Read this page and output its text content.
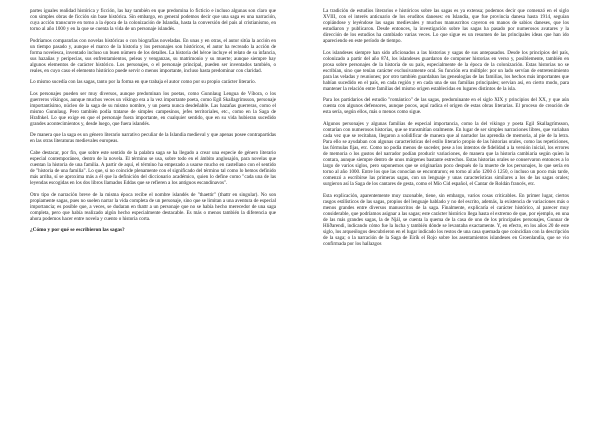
partes iguales realidad histórica y ficción, las hay también en que predomina lo ficticio e incluso algunas son claro que con simples obras de ficción sin base histórica. Sin embargo, en general podemos decir que una saga es una narración, cuya acción transcurre en torno a la época de la colonización de Islandia, hasta la conversión del país al cristianismo, en torno al año 1000 y en la que se cuenta la vida de un personaje islandés.

Podríamos compararlas con novelas históricas o con biografías noveladas. En unas y en otras, el autor sitúa la acción en un tiempo pasado y, aunque el marco de la historia y los personajes son históricos, el autor ha recreado la acción de forma novelesca, inventado incluso un buen número de los detalles. La historia del héroe incluye el relato de su infancia, sus hazañas y peripecias, sus enfrentamientos, peleas y venganzas, su matrimonio y su muerte; aunque siempre hay algunos elementos de carácter histórico. Los personajes, o el personaje principal, pueden ser inventados también, o reales, en cuyo caso el elemento histórico puede servir o menos importante, incluso hasta predominar con claridad.

Lo mismo sucedía con las sagas, tanto por la forma en que trabaja el autor como por su propio carácter literario.

Los personajes pueden ser muy diversos, aunque predominan los poetas, como Gunnlaug Lengua de Víbora, o los guerreros vikingos, aunque muchos veces un vikingo era a la vez importante poeta, como Egil Skallagrímsson, personaje importantísimo, núcleo de la saga de su mismo nombre, y un poeta nunca desdeñable. Las hazañas guerreras, como el mismo Gunnlaug. Pero también podía tratarse de simples campesinos, jefes territoriales, etc., como en la Saga de Hrafnkel. Lo que exige en que el personaje fuera importante, en cualquier sentido, que en su vida hubieran sucedido grandes acontecimientos y, desde luego, que fuera islandés.

De manera que la saga es un género literario narrativo peculiar de la Islandia medieval y que apenas posee contrapartidas en las otras literaturas medievales europeas.

Cabe destacar, por fin, que sobre este sentido de la palabra saga se ha llegado a crear una especie de género literario especial contemporáneo, dentro de la novela. El término se usa, sobre todo en el ámbito anglosajón, para novelas que cuentan la historia de una familia. A partir de aquí, el término ha empezado a usarse mucho en castellano con el sentido de "historia de una familia". Lo que, si no coincide plenamente con el significado del término tal como lo hemos definido más arriba, sí se aproxima más a él que la definición del diccionario académico, quien lo define como "cada una de las leyendas escogidas en los dos libros llamados Eddas que se refieren a los antiguos escandinavos".

Otro tipo de narración breve de la misma época recibe el nombre islandés de "thaettir" (thattr en singular). No son propiamente sagas, pues no suelen narrar la vida completa de un personaje, sino que se limitan a una aventura de especial importancia; es posible que, a veces, se dudaran en thattr a un personaje que no se había hecho merecedor de una saga completa, pero que había realizado algún hecho especialmente destacable. Es más o menos también la diferencia que ahora podemos hacer entre novela y cuento o historia corta.

¿Cómo y por qué se escribieron las sagas?

La tradición de estudios literarios e históricos sobre las sagas es ya extensa; podemos decir que comenzó en el siglo XVIII, con el interés anticuario de los eruditos daneses: en Islandia, que fue provincia danesa hasta 1914, seguían copiándose y leyéndose las sagas medievales y muchos manuscritos cayeron en manos de sabios daneses, que los estudiaron y publicaron. Desde entonces, la investigación sobre las sagas ha pasado por numerosos avatares y la dirección de los estudios ha cambiado varias veces. Lo que sigue es un resumen de las principales ideas que han ido apareciendo en este período de tiempo.

Los islandeses siempre han sido aficionados a las historias y sagas de sus antepasados. Desde los principios del país, colonizado a partir del año 874, los islandeses guardaron de componer historias en verso y, posiblemente, también en prosa sobre personajes de la historia de su país, especialmente de la época de la colonización. Estas historias no se escribían, sino que tenían carácter exclusivamente oral. Su función era múltiple: por un lado servían de entretenimiento para las veladas y reuniones; por otro también guardaban las genealogías de las familias, los hechos más importantes que habían sucedido en el país, en cada región y en cada una de sus familias principales; servían así, en cierto modo, para mantener la relación entre familias del mismo origen establecidas en lugares distintos de la isla.

Para los partidarios del estudio "romántico" de las sagas, predominante en el siglo XIX y principios del XX, y que aún cuenta con algunos defensores, aunque pocos, aquí radica el origen de estas obras literarias. El proceso de creación de esta sería, según ellos, más o menos como sigue.

Algunos personajes y algunas familias de especial importancia, como la del vikingo y poeta Egil Skallagrímsson, contarían con numerosos historias, que se transmitían oralmente. En lugar de ser simples narraciones libres, que variaban cada vez que se recitaban, llegaron a solidificar de manera que al narrador las aprendía de memoria, al pie de la letra. Para ello se ayudaban con algunas características del estilo literario propio de las historias orales, como las repeticiones, las fórmulas fijas, etc. Como no podía menos de suceder, pese a los intentos de fidelidad a la versión inicial, los errores de memoria o los gustos del narrador podían producir variaciones, de manera que la historia cambiaría según quien la contara, aunque siempre dentro de unos márgenes bastante estrechos. Estas historias orales se conservaron entonces a lo largo de varios siglos, pero suponemos que se originarían poco después de la muerte de los personajes, lo que sería en torno al año 1000. Entre los que las conocían se encontraron; en torno al año 1200 ó 1250, o incluso un poco más tarde, comenzó a escribirse las primeras sagas, con un lenguaje y unas características similares a los de las sagas orales; surgieron así la Saga de los cantares de gesta, como el Mío Cid español, el Cantar de Roldán francés, etc.

Esta explicación, aparentemente muy razonable, tiene, sin embargo, varios cosas criticables. En primer lugar, ciertos rasgos estilísticos de las sagas, propios del lenguaje hablado y no del escrito, además, la existencia de variaciones más o menos grandes entre diversos manuscritos de la saga. Finalmente, explicaría el carácter histórico, al parecer muy considerable, que podríamos asignar a las sagas; este carácter histórico llega hasta el extremo de que, por ejemplo, en una de las más grandes sagas, la de Njál, se cuenta la quema de la casa de uno de los principales personajes, Gunnar de Hlíðarendi, indicando cómo fue la lucha y también dónde se levantaba exactamente. Y, en efecto, en los años 20 de este siglo, los arqueólogos descubrieron en el lugar indicado los restos de una casa quemada que coincidían con la descripción de la saga; o la narración de la Saga de Eirík el Rojo sobre los asentamientos islandeses en Groenlandia, que se vio confirmada por los hallazgos
